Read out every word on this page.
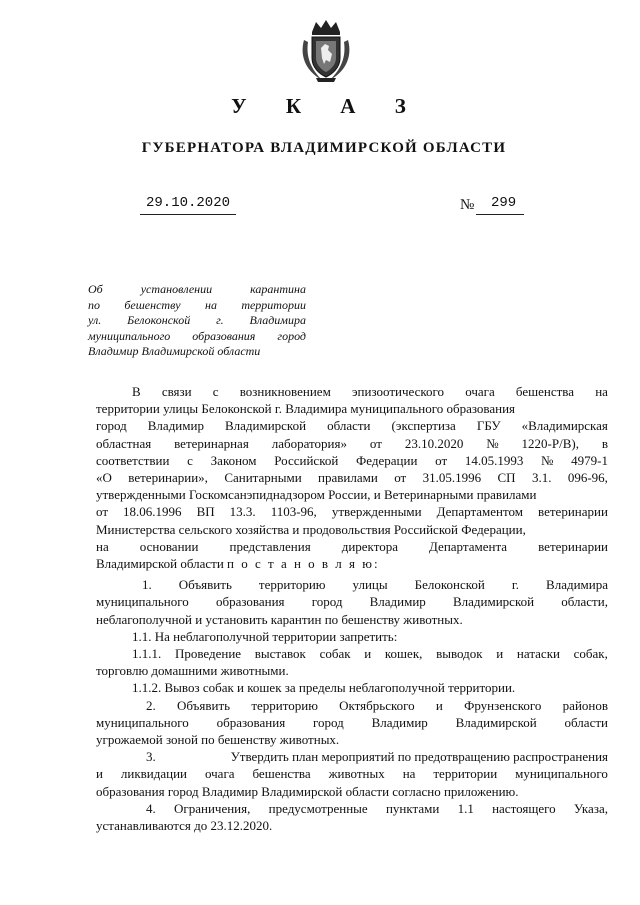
У К А З
ГУБЕРНАТОРА ВЛАДИМИРСКОЙ ОБЛАСТИ
29.10.2020	№ 299
Об	установлении	карантина
по бешенству на территории
ул. Белоконской г. Владимира
муниципального образования город
Владимир Владимирской области
В связи с возникновением эпизоотического очага бешенства на
территории улицы Белоконской г. Владимира муниципального образования
город Владимир Владимирской области (экспертиза ГБУ «Владимирская
областная ветеринарная лаборатория» от 23.10.2020 № 1220-Р/В), в
соответствии с Законом Российской Федерации от 14.05.1993 № 4979-1
«О ветеринарии», Санитарными правилами от 31.05.1996 СП 3.1. 096-96,
утвержденными Госкомсанэпиднадзором России, и Ветеринарными правилами
от 18.06.1996 ВП 13.3. 1103-96, утвержденными Департаментом ветеринарии
Министерства сельского хозяйства и продовольствия Российской Федерации,
на основании представления директора Департамента ветеринарии
Владимирской области п о с т а н о в л я ю:
1. Объявить территорию улицы Белоконской г. Владимира
муниципального образования город Владимир Владимирской области,
неблагополучной и установить карантин по бешенству животных.
1.1. На неблагополучной территории запретить:
1.1.1. Проведение выставок собак и кошек, выводок и натаски собак,
торговлю домашними животными.
1.1.2. Вывоз собак и кошек за пределы неблагополучной территории.
2. Объявить территорию Октябрьского и Фрунзенского районов
муниципального образования город Владимир Владимирской области
угрожаемой зоной по бешенству животных.
3.	Утвердить план мероприятий по предотвращению распространения
и ликвидации очага бешенства животных на территории муниципального
образования город Владимир Владимирской области согласно приложению.
4. Ограничения, предусмотренные пунктами 1.1 настоящего Указа,
устанавливаются до 23.12.2020.
